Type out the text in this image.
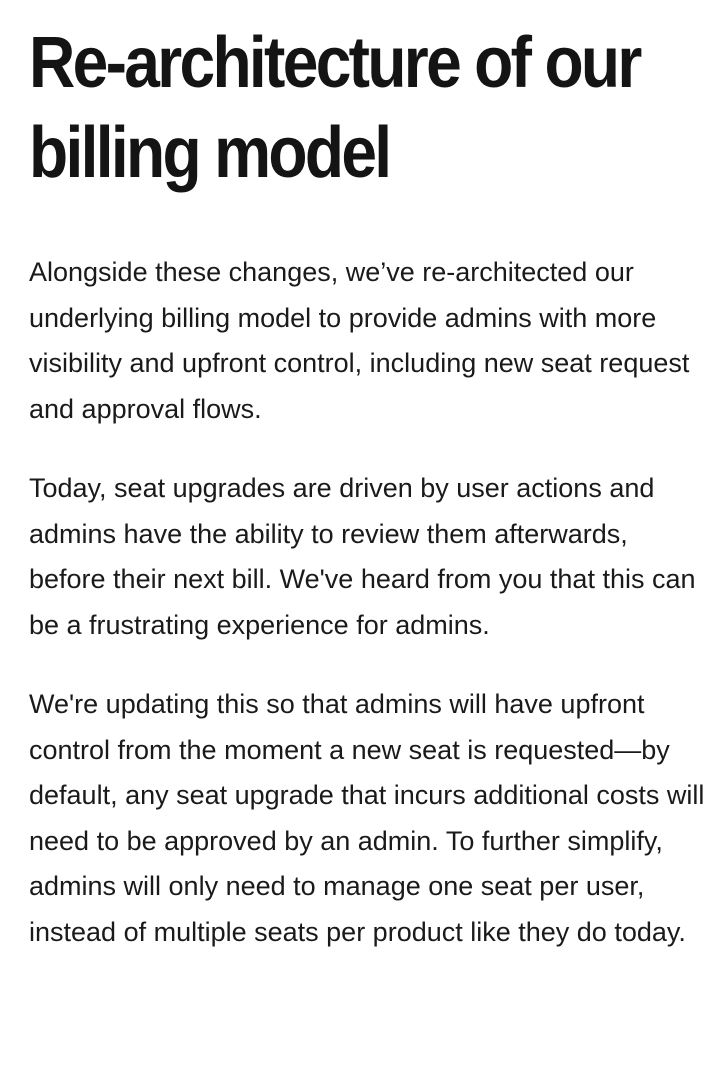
Re-architecture of our billing model

Alongside these changes, we’ve re-architected our underlying billing model to provide admins with more visibility and upfront control, including new seat request and approval flows.

Today, seat upgrades are driven by user actions and admins have the ability to review them afterwards, before their next bill. We've heard from you that this can be a frustrating experience for admins.

We're updating this so that admins will have upfront control from the moment a new seat is requested—by default, any seat upgrade that incurs additional costs will need to be approved by an admin. To further simplify, admins will only need to manage one seat per user, instead of multiple seats per product like they do today.
